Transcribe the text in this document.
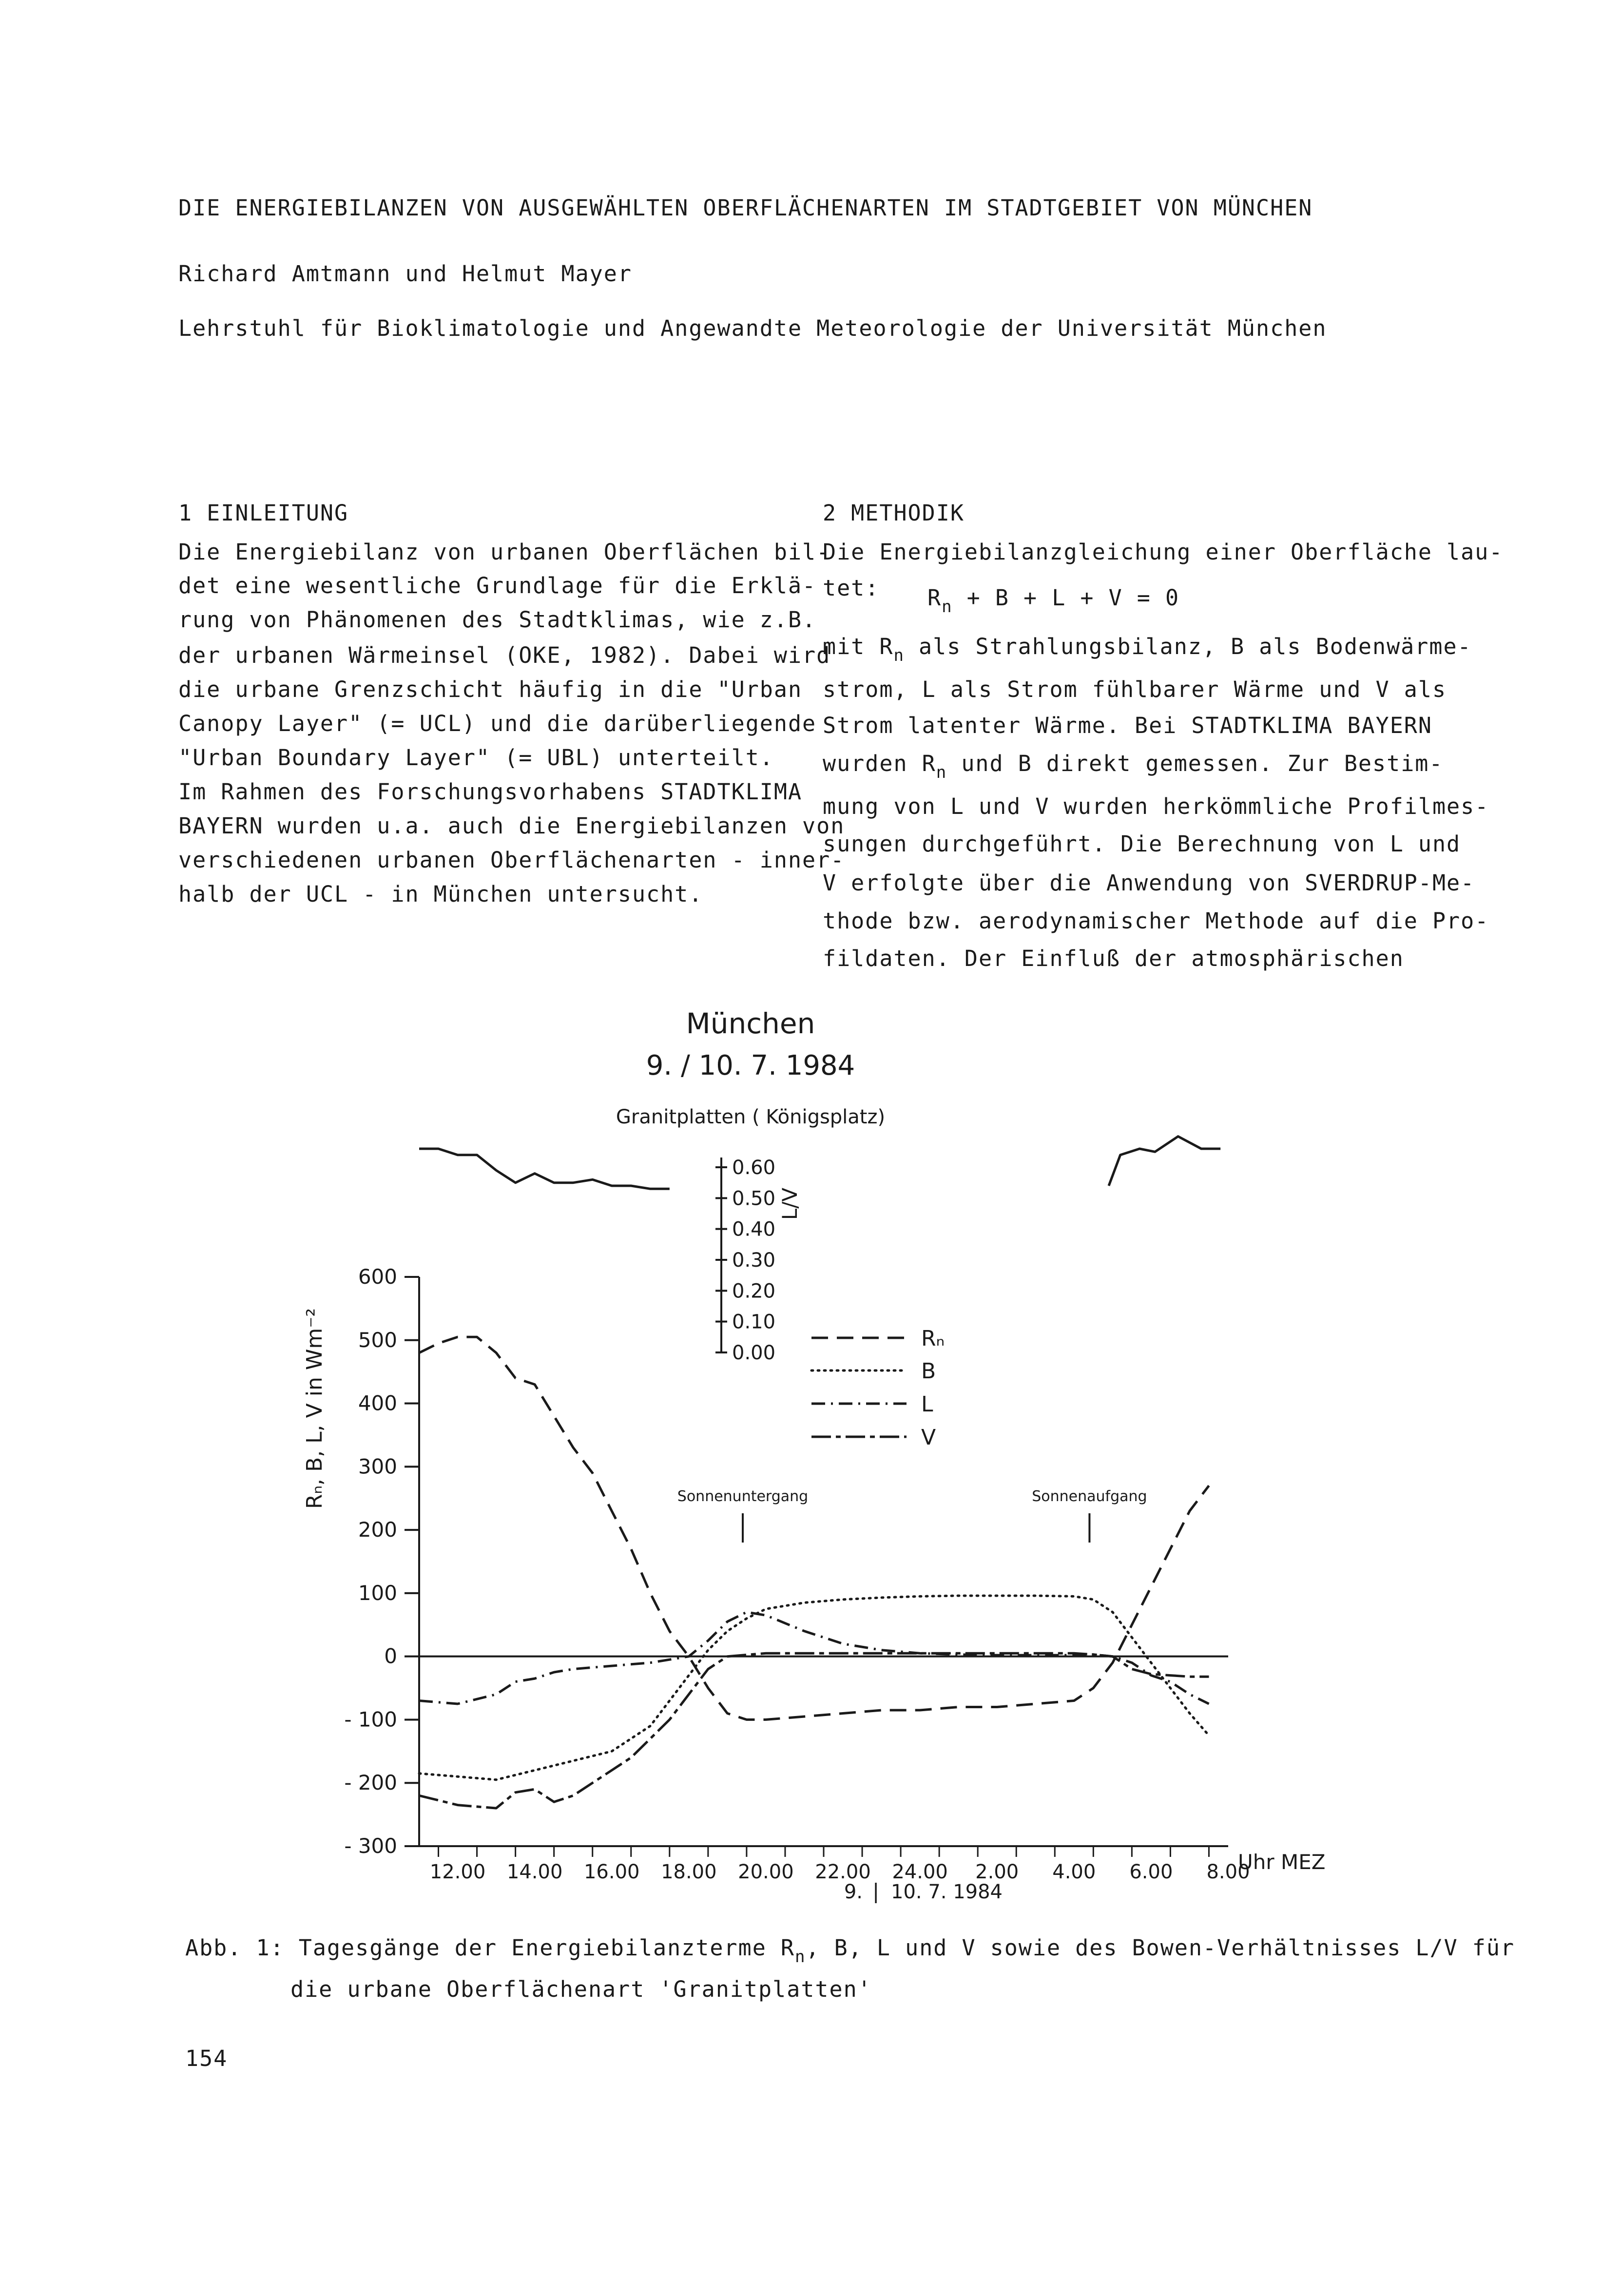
DIE ENERGIEBILANZEN VON AUSGEWÄHLTEN OBERFLÄCHENARTEN IM STADTGEBIET VON MÜNCHEN
Richard Amtmann und Helmut Mayer
Lehrstuhl für Bioklimatologie und Angewandte Meteorologie der Universität München
1 EINLEITUNG
Die Energiebilanz von urbanen Oberflächen bil-
det eine wesentliche Grundlage für die Erklä-
rung von Phänomenen des Stadtklimas, wie z.B.
der urbanen Wärmeinsel (OKE, 1982). Dabei wird
die urbane Grenzschicht häufig in die "Urban
Canopy Layer" (= UCL) und die darüberliegende
"Urban Boundary Layer" (= UBL) unterteilt.
Im Rahmen des Forschungsvorhabens STADTKLIMA
BAYERN wurden u.a. auch die Energiebilanzen von
verschiedenen urbanen Oberflächenarten - inner-
halb der UCL - in München untersucht.
2 METHODIK
Die Energiebilanzgleichung einer Oberfläche lau-
tet: $R_n + B + L + V = 0$
mit $R_n$ als Strahlungsbilanz, B als Bodenwärme-
strom, L als Strom fühlbarer Wärme und V als
Strom latenter Wärme. Bei STADTKLIMA BAYERN
wurden $R_n$ und B direkt gemessen. Zur Bestim-
mung von L und V wurden herkömmliche Profilmes-
sungen durchgeführt. Die Berechnung von L und
V erfolgte über die Anwendung von SVERDRUP-Me-
thode bzw. aerodynamischer Methode auf die Pro-
fildaten. Der Einfluß der atmosphärischen
München
9. / 10. 7. 1984
Granitplatten ( Königsplatz)
Rₙ, B, L, V in Wm⁻²
L/V
600
500
400
300
200
100
0
- 100
- 200
- 300
12.00 14.00 16.00 18.00 20.00 22.00 24.00 2.00 4.00 6.00 8.00
0.60
0.50
0.40
0.30
0.20
0.10
0.00
Rₙ
B
L
V
Sonnenuntergang	Sonnenaufgang
Uhr MEZ
9. | 10. 7. 1984
Abb. 1: Tagesgänge der Energiebilanzterme $R_n$, B, L und V sowie des Bowen-Verhältnisses L/V für
die urbane Oberflächenart 'Granitplatten'
154
